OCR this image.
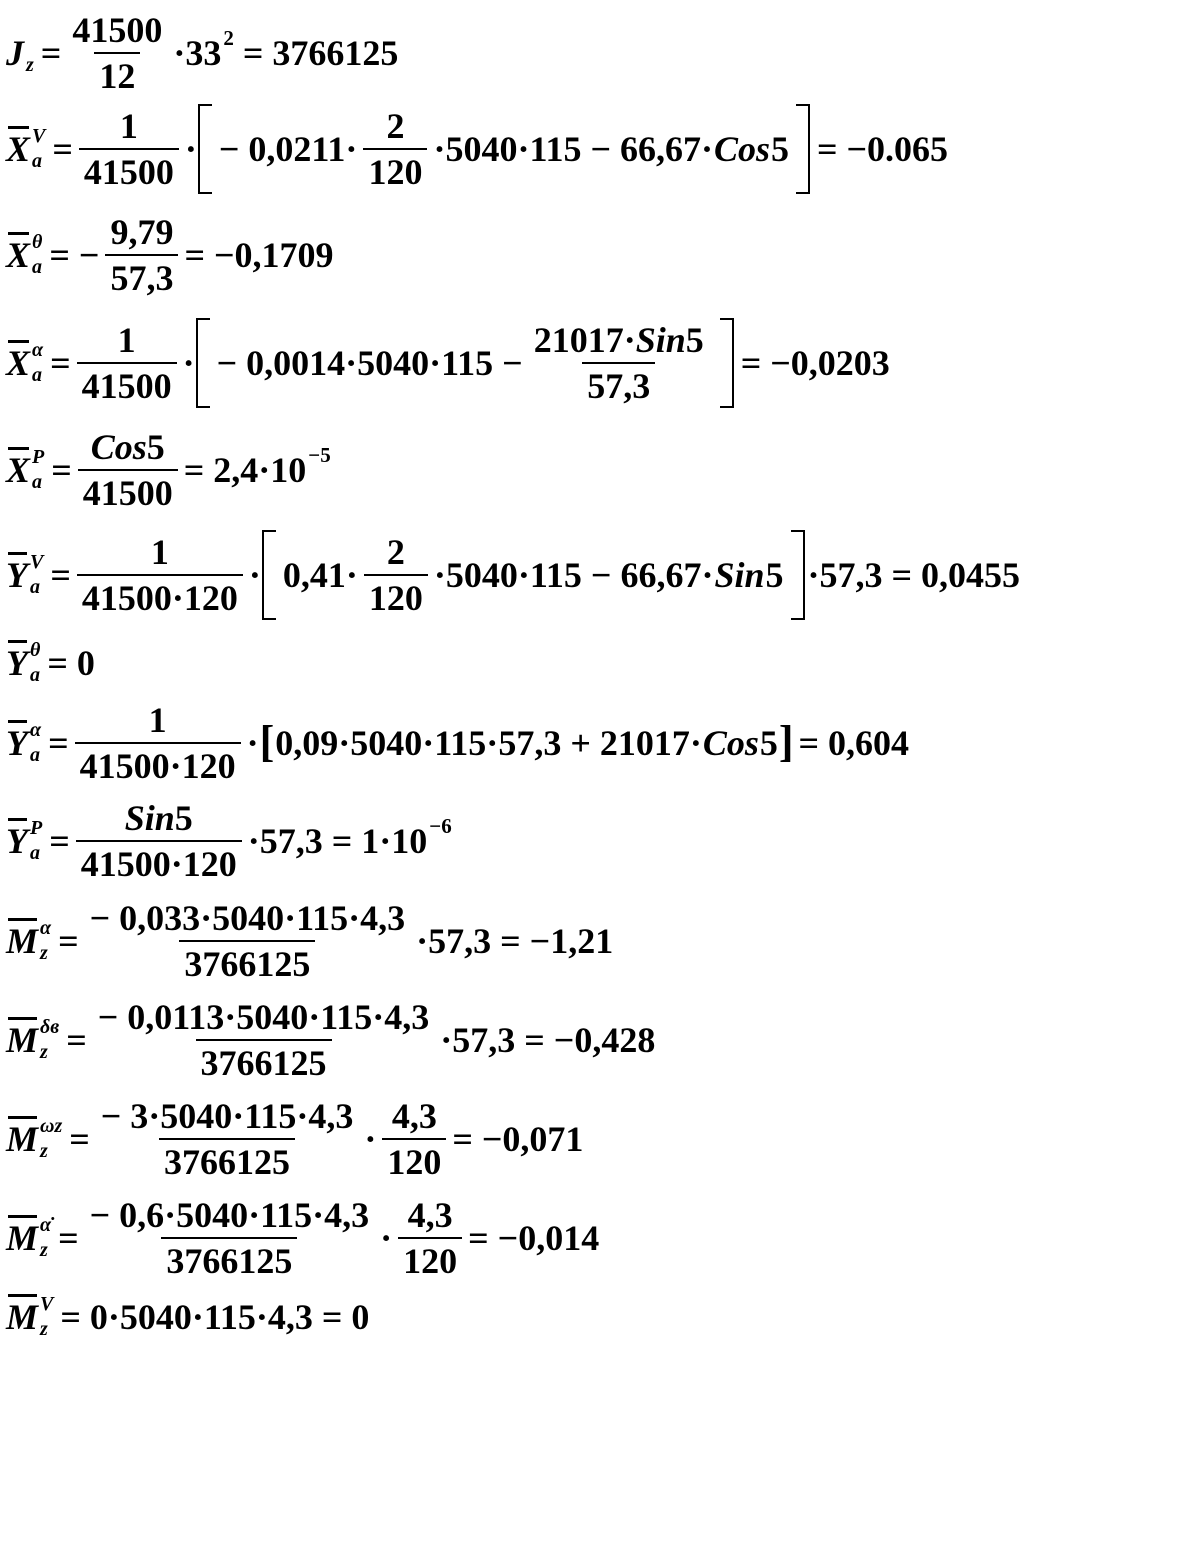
J
$z = \frac{41500}{12} \cdot 33$ 2 = 3766125
X V
$a = \frac{1}{41500}$ · − $0,0211\cdot \frac{2}{120} \cdot 5040\cdot 115 - 66,67\cdot$ Cos 5 = −0.065
X θ
a = − $\frac{9,79}{57,3} = -0,1709$
X α
$a = \frac{1}{41500}$ · − $0,0014\cdot 5040\cdot 115 - \frac{\text{21017·Sin5}}{57,3} = -0,0203$
X P
$a = \frac{\text{Cos5}}{41500} = 2,4\cdot 10 -5$
Y V
$a = \frac{1}{41500\cdot 120} \cdot 0,41\cdot \frac{2}{120} \cdot 5040\cdot 115 - 66,67\cdot$ Sin 5 ·57,3 = 0,0455
Y θ
a = 0
Y α
$a = \frac{1}{41500\cdot 120}$ · [ 0,09·5040·115·57,3 + 21017· Cos 5 ] = 0,604
Y P
$a = \frac{\text{Sin5}}{41500\cdot 120} \cdot 57,3 = 1\cdot 10 -6$
M α
$z = \frac{- 0,033\cdot 5040\cdot 115\cdot 4,3}{3766125} \cdot 57,3 = -1,21$
M δв
$z = \frac{- 0,0113\cdot 5040\cdot 115\cdot 4,3}{3766125} \cdot 57,3 = -0,428$
M ωz
$z = \frac{- 3\cdot 5040\cdot 115\cdot 4,3}{3766125} \cdot \frac{4,3}{120} = -0,071$
M α̇
$z = \frac{- 0,6\cdot 5040\cdot 115\cdot 4,3}{3766125} \cdot \frac{4,3}{120} = -0,014$
M V
z = 0·5040·115·4,3 = 0
